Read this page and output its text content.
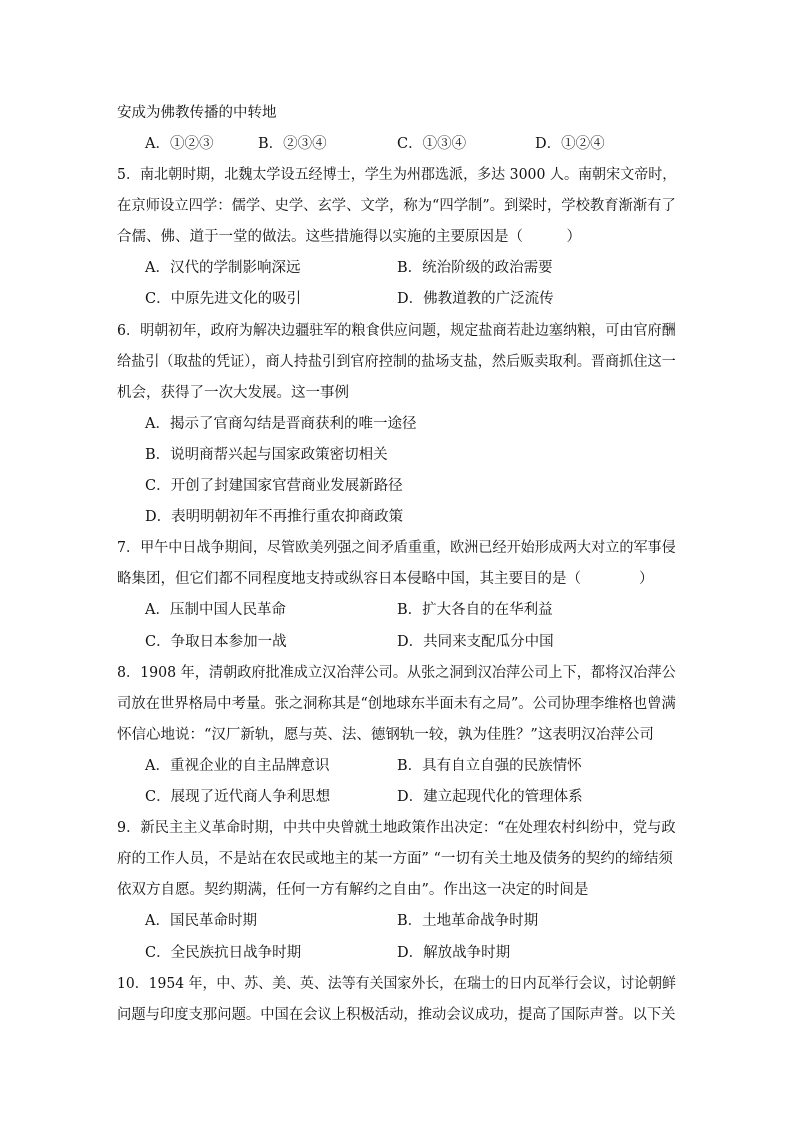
安成为佛教传播的中转地
A．①②③	B．②③④	C．①③④	D．①②④
5．南北朝时期，北魏太学设五经博士，学生为州郡选派，多达 3000 人。南朝宋文帝时，
在京师设立四学：儒学、史学、玄学、文学，称为“四学制”。到梁时，学校教育渐渐有了
合儒、佛、道于一堂的做法。这些措施得以实施的主要原因是（　　　）
A．汉代的学制影响深远	B．统治阶级的政治需要
C．中原先进文化的吸引	D．佛教道教的广泛流传
6．明朝初年，政府为解决边疆驻军的粮食供应问题，规定盐商若赴边塞纳粮，可由官府酬
给盐引（取盐的凭证），商人持盐引到官府控制的盐场支盐，然后贩卖取利。晋商抓住这一
机会，获得了一次大发展。这一事例
A．揭示了官商勾结是晋商获利的唯一途径
B．说明商帮兴起与国家政策密切相关
C．开创了封建国家官营商业发展新路径
D．表明明朝初年不再推行重农抑商政策
7．甲午中日战争期间，尽管欧美列强之间矛盾重重，欧洲已经开始形成两大对立的军事侵
略集团，但它们都不同程度地支持或纵容日本侵略中国，其主要目的是（　　　　）
A．压制中国人民革命	B．扩大各自的在华利益
C．争取日本参加一战	D．共同来支配瓜分中国
8．1908 年，清朝政府批准成立汉冶萍公司。从张之洞到汉冶萍公司上下，都将汉冶萍公
司放在世界格局中考量。张之洞称其是“创地球东半面未有之局”。公司协理李维格也曾满
怀信心地说：“汉厂新轨，愿与英、法、德钢轨一较，孰为佳胜？”这表明汉冶萍公司
A．重视企业的自主品牌意识	B．具有自立自强的民族情怀
C．展现了近代商人争利思想	D．建立起现代化的管理体系
9．新民主主义革命时期，中共中央曾就土地政策作出决定：“在处理农村纠纷中，党与政
府的工作人员，不是站在农民或地主的某一方面” “一切有关土地及债务的契约的缔结须
依双方自愿。契约期满，任何一方有解约之自由”。作出这一决定的时间是
A．国民革命时期	B．土地革命战争时期
C．全民族抗日战争时期	D．解放战争时期
10．1954 年，中、苏、美、英、法等有关国家外长，在瑞士的日内瓦举行会议，讨论朝鲜
问题与印度支那问题。中国在会议上积极活动，推动会议成功，提高了国际声誉。以下关
